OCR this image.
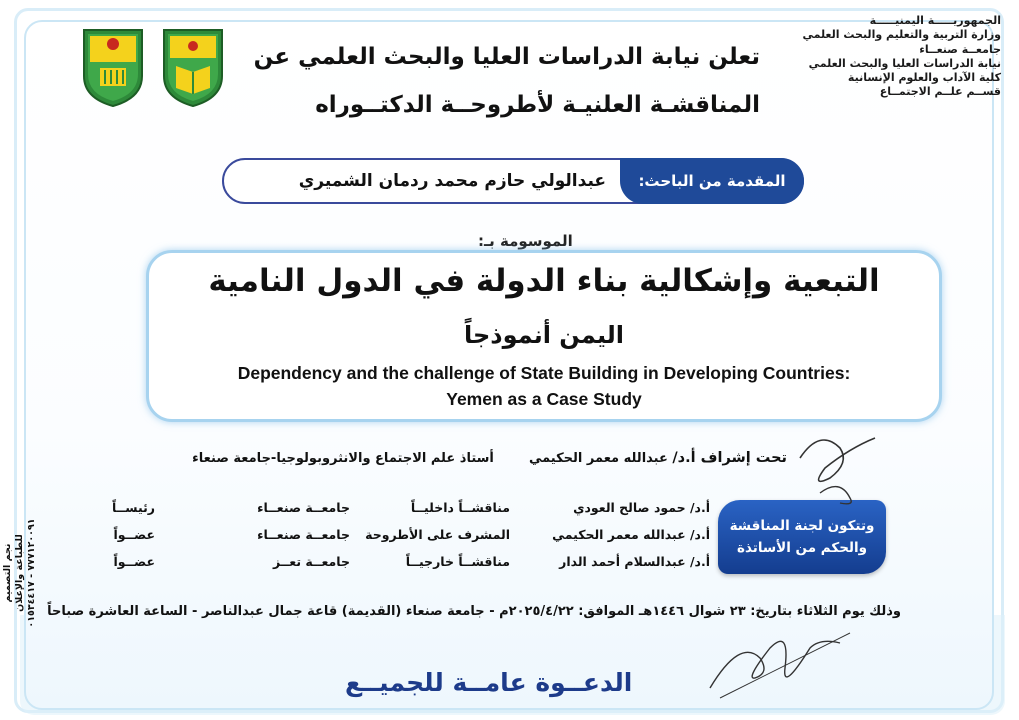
الجمهوريـــــة اليمنيـــــة
وزارة التربية والتعليم والبحث العلمي
جامعــة صنعــاء
نيابة الدراسات العليا والبحث العلمي
كلية الآداب والعلوم الإنسانية
قســم علــم الاجتمــاع
تعلن نيابة الدراسات العليا والبحث العلمي عن
المناقشـة العلنيـة لأطروحــة الدكتــوراه
المقدمة من الباحث:
عبدالولي حازم محمد ردمان الشميري
الموسومة بـ:
التبعية وإشكالية بناء الدولة في الدول النامية
اليمن أنموذجاً
Dependency and the challenge of State Building in Developing Countries:
Yemen as a Case Study
تحت إشراف أ.د/ عبدالله معمر الحكيمي  أستاذ علم الاجتماع والانثروبولوجيا-جامعة صنعاء
وتتكون لجنة المناقشة
والحكم من الأساتذة
أ.د/ حمود صالح العودي
مناقشــاً داخليــاً
جامعــة صنعــاء
رئيســاً
أ.د/ عبدالله معمر الحكيمي
المشرف على الأطروحة
جامعــة صنعــاء
عضــواً
أ.د/ عبدالسلام أحمد الدار
مناقشــاً خارجيــاً
جامعــة تعــز
عضــواً
وذلك يوم الثلاثاء بتاريخ: ٢٣ شوال ١٤٤٦هـ الموافق: ٢٠٢٥/٤/٢٢م - جامعة صنعاء (القديمة) قاعة جمال عبدالناصر - الساعة العاشرة صباحاً
الدعــوة عامــة للجميــع
نجم التصميم للطباعة والإعلان ٧٧٧١٢٠٠٩١ - ٠١٥٣٤٤١٧
